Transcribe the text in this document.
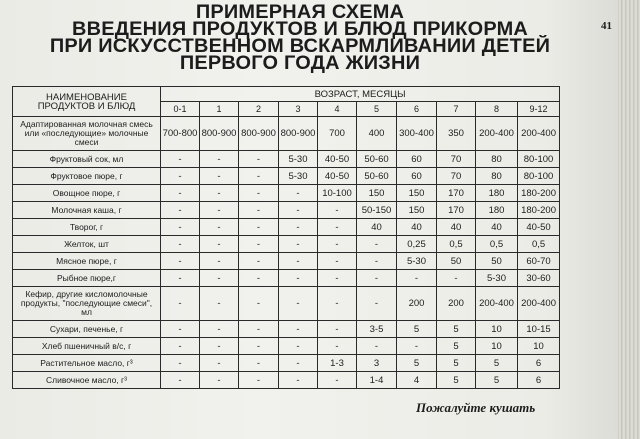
41
ПРИМЕРНАЯ СХЕМА
ВВЕДЕНИЯ ПРОДУКТОВ И БЛЮД ПРИКОРМА
ПРИ ИСКУССТВЕННОМ ВСКАРМЛИВАНИИ ДЕТЕЙ
ПЕРВОГО ГОДА ЖИЗНИ
НАИМЕНОВАНИЕ ПРОДУКТОВ И БЛЮД	ВОЗРАСТ, МЕСЯЦЫ									
	0-1	1	2	3	4	5	6	7	8	9-12
Адаптированная молочная смесь или «последующие» молочные смеси	700-800	800-900	800-900	800-900	700	400	300-400	350	200-400	200-400
Фруктовый сок, мл	-	-	-	5-30	40-50	50-60	60	70	80	80-100
Фруктовое пюре, г	-	-	-	5-30	40-50	50-60	60	70	80	80-100
Овощное пюре, г	-	-	-	-	10-100	150	150	170	180	180-200
Молочная каша, г	-	-	-	-	-	50-150	150	170	180	180-200
Творог, г	-	-	-	-	-	40	40	40	40	40-50
Желток, шт	-	-	-	-	-	-	0,25	0,5	0,5	0,5
Мясное пюре, г	-	-	-	-	-	-	5-30	50	50	60-70
Рыбное пюре,г	-	-	-	-	-	-	-	-	5-30	30-60
Кефир, другие кисломолочные продукты, "последующие смеси", мл	-	-	-	-	-	-	200	200	200-400	200-400
Сухари, печенье, г	-	-	-	-	-	3-5	5	5	10	10-15
Хлеб пшеничный в/с, г	-	-	-	-	-	-	-	5	10	10
Растительное масло, г³	-	-	-	-	1-3	3	5	5	5	6
Сливочное масло, г³	-	-	-	-	-	1-4	4	5	5	6
Пожалуйте кушать
